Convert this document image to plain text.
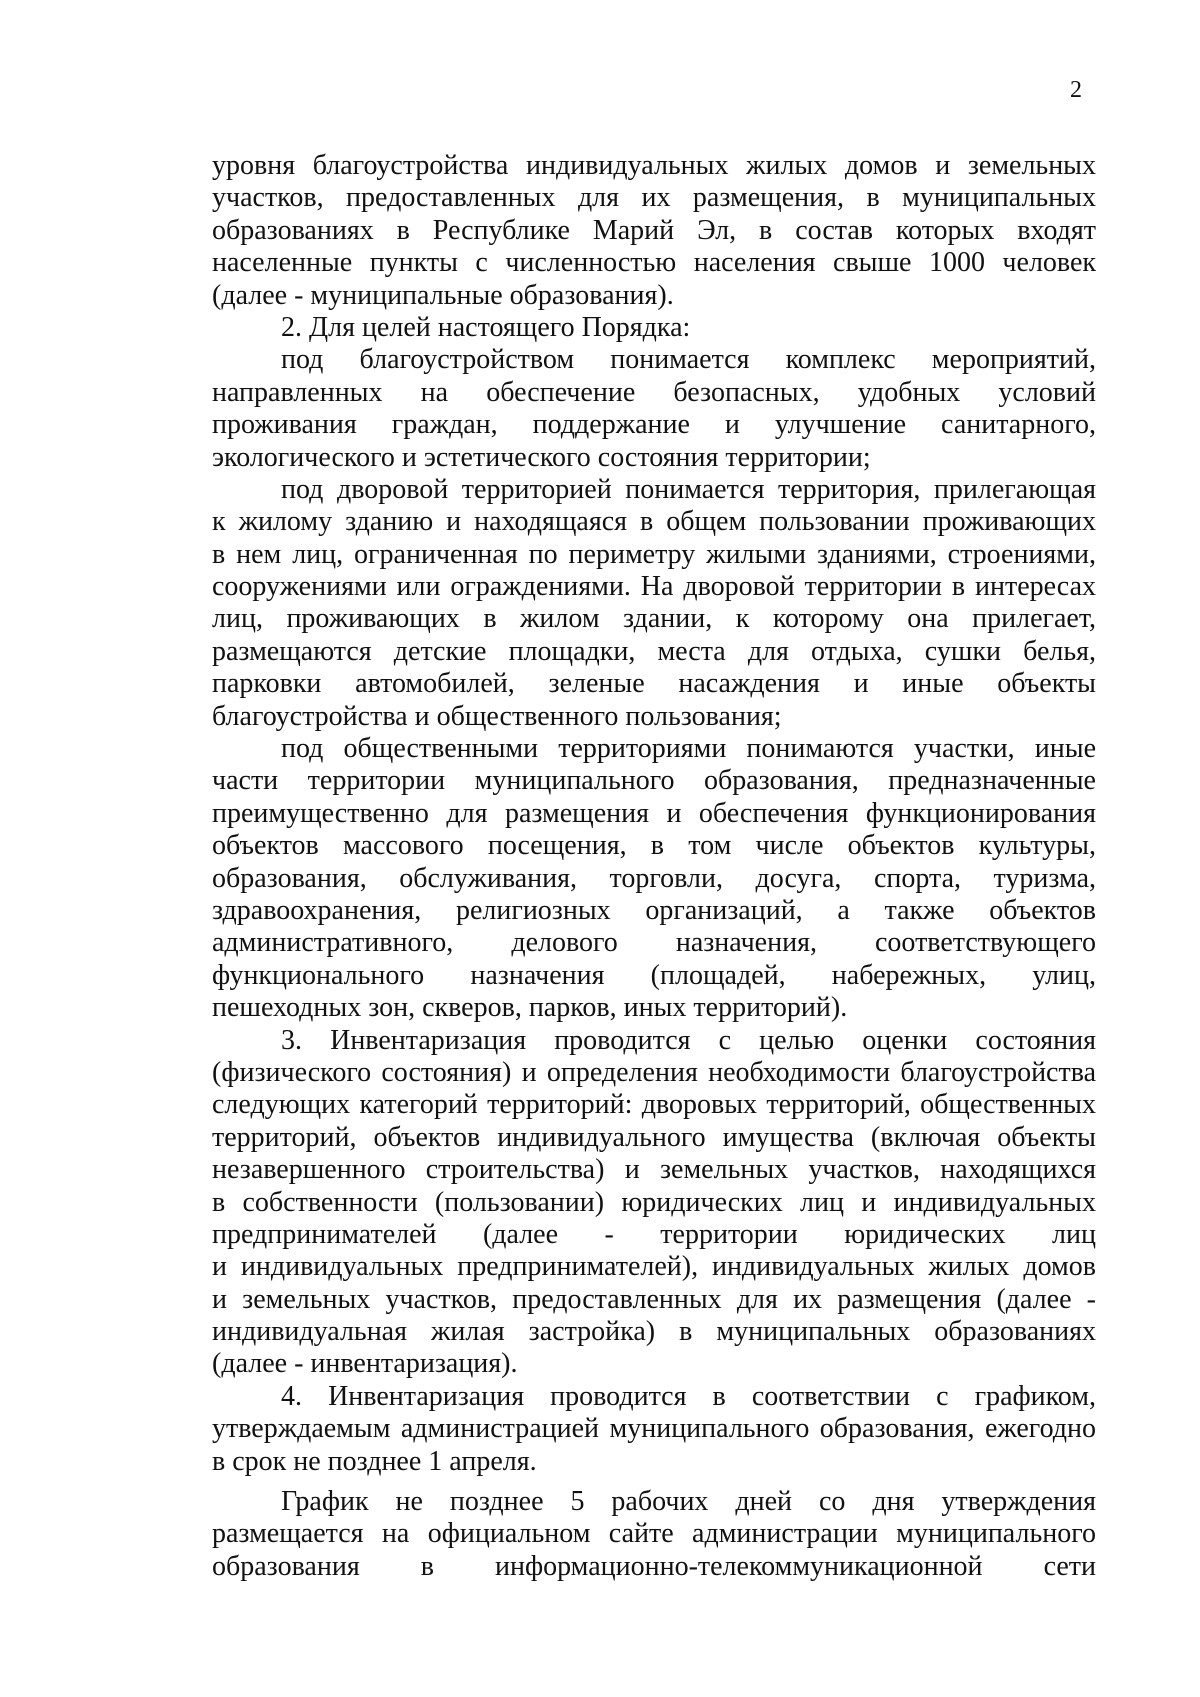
2
уровня благоустройства индивидуальных жилых домов и земельных
участков, предоставленных для их размещения, в муниципальных
образованиях в Республике Марий Эл, в состав которых входят
населенные пункты с численностью населения свыше 1000 человек
(далее - муниципальные образования).
2. Для целей настоящего Порядка:
под благоустройством понимается комплекс мероприятий,
направленных на обеспечение безопасных, удобных условий
проживания граждан, поддержание и улучшение санитарного,
экологического и эстетического состояния территории;
под дворовой территорией понимается территория, прилегающая
к жилому зданию и находящаяся в общем пользовании проживающих
в нем лиц, ограниченная по периметру жилыми зданиями, строениями,
сооружениями или ограждениями. На дворовой территории в интересах
лиц, проживающих в жилом здании, к которому она прилегает,
размещаются детские площадки, места для отдыха, сушки белья,
парковки автомобилей, зеленые насаждения и иные объекты
благоустройства и общественного пользования;
под общественными территориями понимаются участки, иные
части территории муниципального образования, предназначенные
преимущественно для размещения и обеспечения функционирования
объектов массового посещения, в том числе объектов культуры,
образования, обслуживания, торговли, досуга, спорта, туризма,
здравоохранения, религиозных организаций, а также объектов
административного, делового назначения, соответствующего
функционального назначения (площадей, набережных, улиц,
пешеходных зон, скверов, парков, иных территорий).
3. Инвентаризация проводится с целью оценки состояния
(физического состояния) и определения необходимости благоустройства
следующих категорий территорий: дворовых территорий, общественных
территорий, объектов индивидуального имущества (включая объекты
незавершенного строительства) и земельных участков, находящихся
в собственности (пользовании) юридических лиц и индивидуальных
предпринимателей (далее - территории юридических лиц
и индивидуальных предпринимателей), индивидуальных жилых домов
и земельных участков, предоставленных для их размещения (далее -
индивидуальная жилая застройка) в муниципальных образованиях
(далее - инвентаризация).
4. Инвентаризация проводится в соответствии с графиком,
утверждаемым администрацией муниципального образования, ежегодно
в срок не позднее 1 апреля.
График не позднее 5 рабочих дней со дня утверждения
размещается на официальном сайте администрации муниципального
образования в информационно-телекоммуникационной сети
